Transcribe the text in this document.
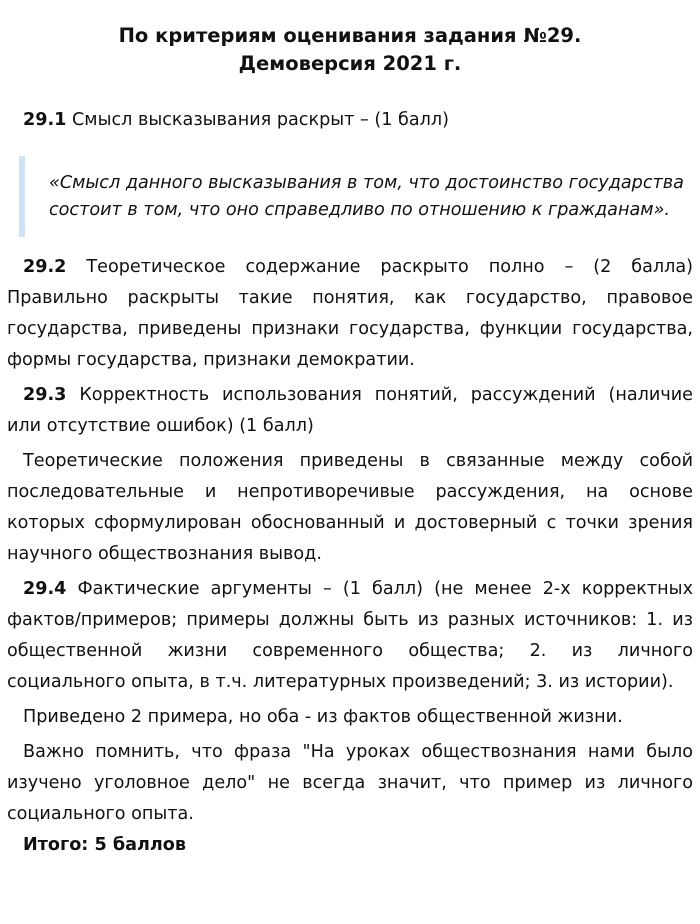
По критериям оценивания задания №29.
Демоверсия 2021 г.

29.1 Смысл высказывания раскрыт – (1 балл)

«Смысл данного высказывания в том, что достоинство государства состоит в том, что оно справедливо по отношению к гражданам».

29.2 Теоретическое содержание раскрыто полно – (2 балла) Правильно раскрыты такие понятия, как государство, правовое государства, приведены признаки государства, функции государства, формы государства, признаки демократии.

29.3 Корректность использования понятий, рассуждений (наличие или отсутствие ошибок) (1 балл)

Теоретические положения приведены в связанные между собой последовательные и непротиворечивые рассуждения, на основе которых сформулирован обоснованный и достоверный с точки зрения научного обществознания вывод.

29.4 Фактические аргументы – (1 балл) (не менее 2-х корректных фактов/примеров; примеры должны быть из разных источников: 1. из общественной жизни современного общества; 2. из личного социального опыта, в т.ч. литературных произведений; 3. из истории).

Приведено 2 примера, но оба - из фактов общественной жизни.

Важно помнить, что фраза "На уроках обществознания нами было изучено уголовное дело" не всегда значит, что пример из личного социального опыта.

Итого: 5 баллов
